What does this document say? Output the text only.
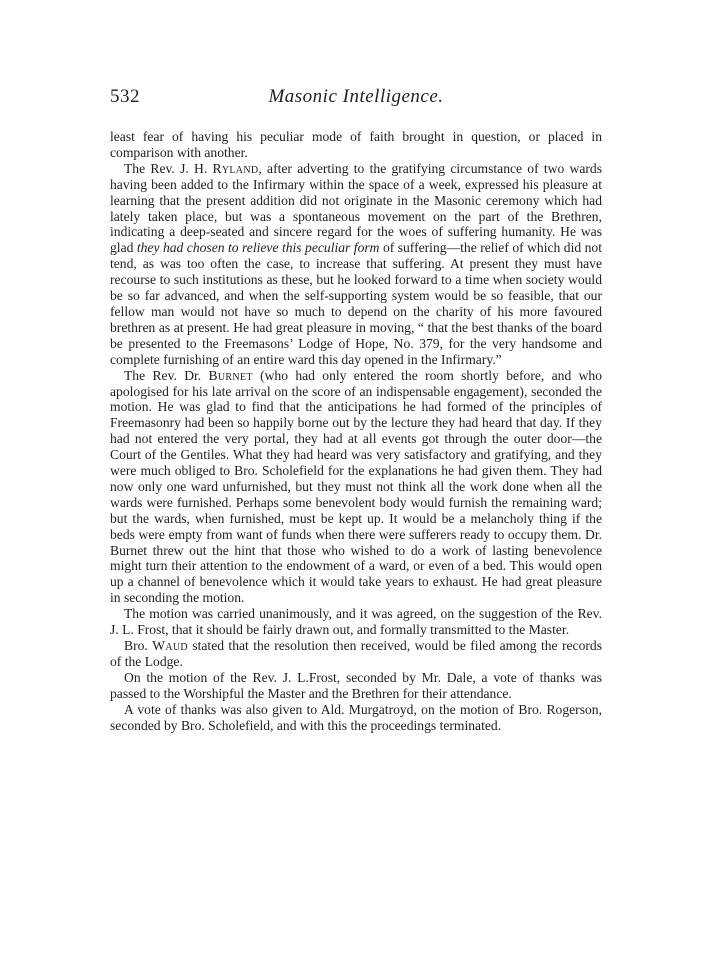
532	Masonic Intelligence.

least fear of having his peculiar mode of faith brought in question, or placed in comparison with another.

The Rev. J. H. Ryland, after adverting to the gratifying circumstance of two wards having been added to the Infirmary within the space of a week, expressed his pleasure at learning that the present addition did not originate in the Masonic ceremony which had lately taken place, but was a spontaneous movement on the part of the Brethren, indicating a deep-seated and sincere regard for the woes of suffering humanity. He was glad they had chosen to relieve this peculiar form of suffering—the relief of which did not tend, as was too often the case, to increase that suffering. At present they must have recourse to such institutions as these, but he looked forward to a time when society would be so far advanced, and when the self-supporting system would be so feasible, that our fellow man would not have so much to depend on the charity of his more favoured brethren as at present. He had great pleasure in moving, “ that the best thanks of the board be presented to the Freemasons’ Lodge of Hope, No. 379, for the very handsome and complete furnishing of an entire ward this day opened in the Infirmary.”

The Rev. Dr. Burnet (who had only entered the room shortly before, and who apologised for his late arrival on the score of an indispensable engagement), seconded the motion. He was glad to find that the anticipations he had formed of the principles of Freemasonry had been so happily borne out by the lecture they had heard that day. If they had not entered the very portal, they had at all events got through the outer door—the Court of the Gentiles. What they had heard was very satisfactory and gratifying, and they were much obliged to Bro. Scholefield for the explanations he had given them. They had now only one ward unfurnished, but they must not think all the work done when all the wards were furnished. Perhaps some benevolent body would furnish the remaining ward; but the wards, when furnished, must be kept up. It would be a melancholy thing if the beds were empty from want of funds when there were sufferers ready to occupy them. Dr. Burnet threw out the hint that those who wished to do a work of lasting benevolence might turn their attention to the endowment of a ward, or even of a bed. This would open up a channel of benevolence which it would take years to exhaust. He had great pleasure in seconding the motion.

The motion was carried unanimously, and it was agreed, on the suggestion of the Rev. J. L. Frost, that it should be fairly drawn out, and formally transmitted to the Master.

Bro. Waud stated that the resolution then received, would be filed among the records of the Lodge.

On the motion of the Rev. J. L.Frost, seconded by Mr. Dale, a vote of thanks was passed to the Worshipful the Master and the Brethren for their attendance.

A vote of thanks was also given to Ald. Murgatroyd, on the motion of Bro. Rogerson, seconded by Bro. Scholefield, and with this the proceedings terminated.
